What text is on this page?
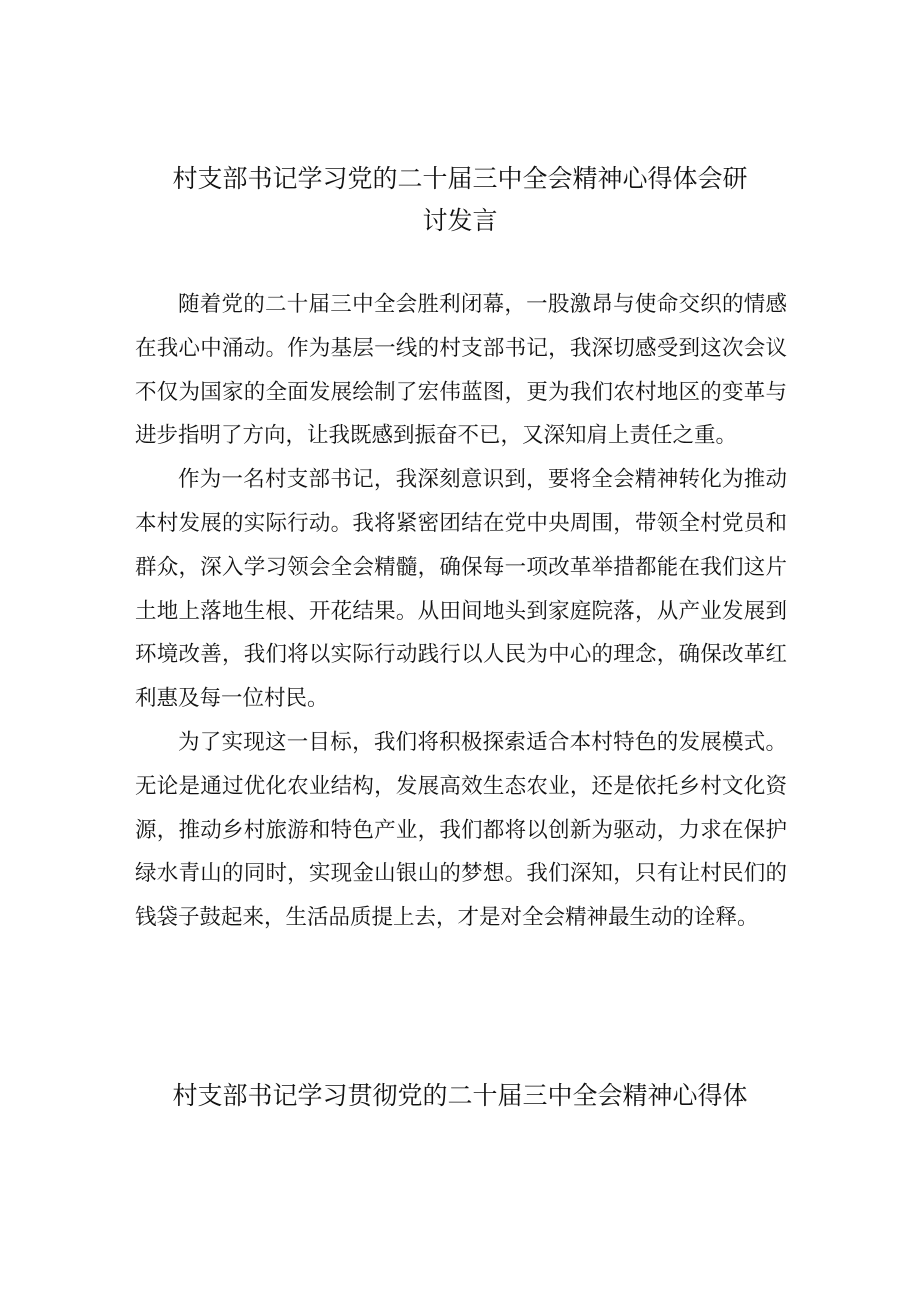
村支部书记学习党的二十届三中全会精神心得体会研
讨发言

随着党的二十届三中全会胜利闭幕，一股激昂与使命交织的情感在我心中涌动。作为基层一线的村支部书记，我深切感受到这次会议不仅为国家的全面发展绘制了宏伟蓝图，更为我们农村地区的变革与进步指明了方向，让我既感到振奋不已，又深知肩上责任之重。

作为一名村支部书记，我深刻意识到，要将全会精神转化为推动本村发展的实际行动。我将紧密团结在党中央周围，带领全村党员和群众，深入学习领会全会精髓，确保每一项改革举措都能在我们这片土地上落地生根、开花结果。从田间地头到家庭院落，从产业发展到环境改善，我们将以实际行动践行以人民为中心的理念，确保改革红利惠及每一位村民。

为了实现这一目标，我们将积极探索适合本村特色的发展模式。无论是通过优化农业结构，发展高效生态农业，还是依托乡村文化资源，推动乡村旅游和特色产业，我们都将以创新为驱动，力求在保护绿水青山的同时，实现金山银山的梦想。我们深知，只有让村民们的钱袋子鼓起来，生活品质提上去，才是对全会精神最生动的诠释。

村支部书记学习贯彻党的二十届三中全会精神心得体
